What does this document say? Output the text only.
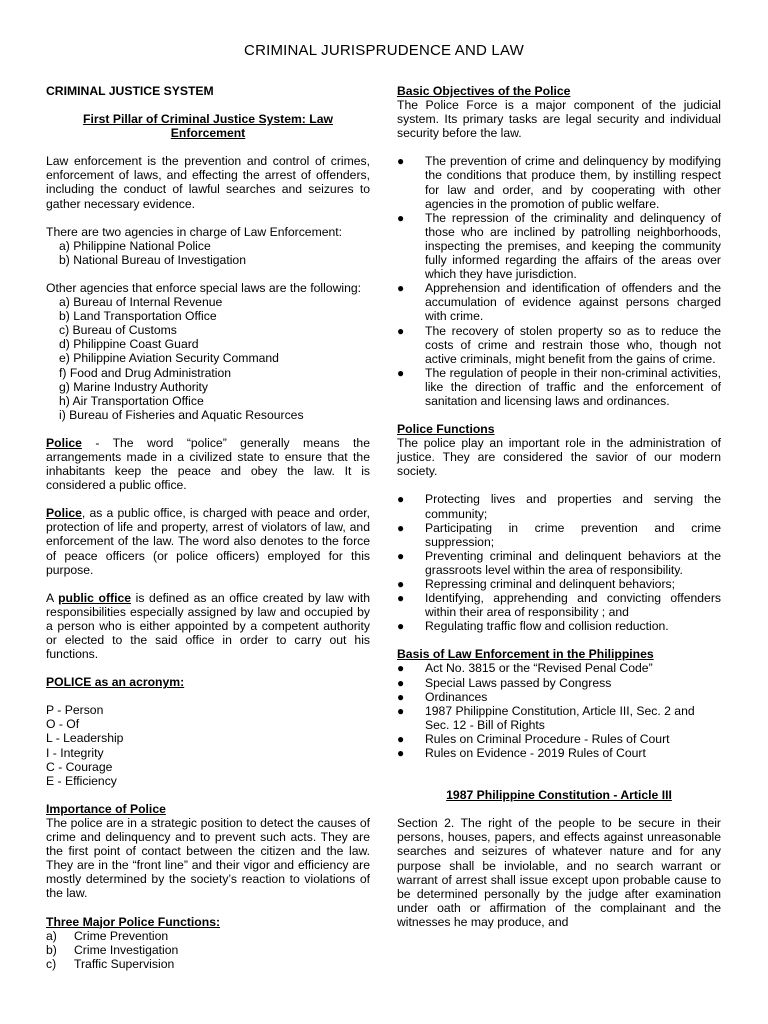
CRIMINAL JURISPRUDENCE AND LAW

CRIMINAL JUSTICE SYSTEM

First Pillar of Criminal Justice System: Law

Enforcement

Law enforcement is the prevention and control of crimes, enforcement of laws, and effecting the arrest of offenders, including the conduct of lawful searches and seizures to gather necessary evidence.

There are two agencies in charge of Law Enforcement:

a) Philippine National Police
b) National Bureau of Investigation

Other agencies that enforce special laws are the following:

a) Bureau of Internal Revenue
b) Land Transportation Office
c) Bureau of Customs
d) Philippine Coast Guard
e) Philippine Aviation Security Command
f) Food and Drug Administration
g) Marine Industry Authority
h) Air Transportation Office
i) Bureau of Fisheries and Aquatic Resources

Police - The word “police” generally means the arrangements made in a civilized state to ensure that the inhabitants keep the peace and obey the law. It is considered a public office.

Police, as a public office, is charged with peace and order, protection of life and property, arrest of violators of law, and enforcement of the law. The word also denotes to the force of peace officers (or police officers) employed for this purpose.

A public office is defined as an office created by law with responsibilities especially assigned by law and occupied by a person who is either appointed by a competent authority or elected to the said office in order to carry out his functions.

POLICE as an acronym:

P - Person
O - Of
L - Leadership
I - Integrity
C - Courage
E - Efficiency

Importance of Police

The police are in a strategic position to detect the causes of crime and delinquency and to prevent such acts. They are the first point of contact between the citizen and the law. They are in the “front line” and their vigor and efficiency are mostly determined by the society’s reaction to violations of the law.

Three Major Police Functions:

a)	Crime Prevention
b)	Crime Investigation
c)	Traffic Supervision

Basic Objectives of the Police

The Police Force is a major component of the judicial system. Its primary tasks are legal security and individual security before the law.

●	The prevention of crime and delinquency by modifying the conditions that produce them, by instilling respect for law and order, and by cooperating with other agencies in the promotion of public welfare.
●	The repression of the criminality and delinquency of those who are inclined by patrolling neighborhoods, inspecting the premises, and keeping the community fully informed regarding the affairs of the areas over which they have jurisdiction.
●	Apprehension and identification of offenders and the accumulation of evidence against persons charged with crime.
●	The recovery of stolen property so as to reduce the costs of crime and restrain those who, though not active criminals, might benefit from the gains of crime.
●	The regulation of people in their non-criminal activities, like the direction of traffic and the enforcement of sanitation and licensing laws and ordinances.

Police Functions

The police play an important role in the administration of justice. They are considered the savior of our modern society.

●	Protecting lives and properties and serving the community;
●	Participating in crime prevention and crime suppression;
●	Preventing criminal and delinquent behaviors at the grassroots level within the area of responsibility.
●	Repressing criminal and delinquent behaviors;
●	Identifying, apprehending and convicting offenders within their area of responsibility ; and
●	Regulating traffic flow and collision reduction.

Basis of Law Enforcement in the Philippines

●	Act No. 3815 or the “Revised Penal Code”
●	Special Laws passed by Congress
●	Ordinances
●	1987 Philippine Constitution, Article III, Sec. 2 and Sec. 12 - Bill of Rights
●	Rules on Criminal Procedure - Rules of Court
●	Rules on Evidence - 2019 Rules of Court

1987 Philippine Constitution - Article III

Section 2. The right of the people to be secure in their persons, houses, papers, and effects against unreasonable searches and seizures of whatever nature and for any purpose shall be inviolable, and no search warrant or warrant of arrest shall issue except upon probable cause to be determined personally by the judge after examination under oath or affirmation of the complainant and the witnesses he may produce, and
